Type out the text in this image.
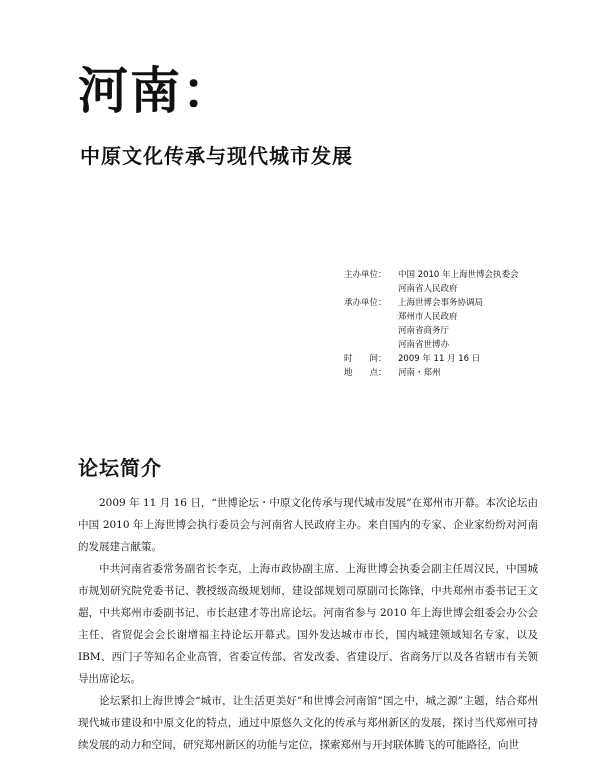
河南：
中原文化传承与现代城市发展
主办单位：	中国 2010 年上海世博会执委会
河南省人民政府
承办单位：	上海世博会事务协调局
郑州市人民政府
河南省商务厅
河南省世博办
时　　间：	2009 年 11 月 16 日
地　　点：	河南・郑州
论坛简介

2009 年 11 月 16 日，“世博论坛・中原文化传承与现代城市发展”在郑州市开幕。本次论坛由中国 2010 年上海世博会执行委员会与河南省人民政府主办。来自国内的专家、企业家纷纷对河南的发展建言献策。

中共河南省委常务副省长李克，上海市政协副主席、上海世博会执委会副主任周汉民，中国城市规划研究院党委书记、教授级高级规划师，建设部规划司原副司长陈锋，中共郑州市委书记王文超，中共郑州市委副书记、市长赵建才等出席论坛。河南省参与 2010 年上海世博会组委会办公会主任、省贸促会会长谢增福主持论坛开幕式。国外发达城市市长，国内城建领域知名专家，以及 IBM、西门子等知名企业高管，省委宣传部、省发改委、省建设厅、省商务厅以及各省辖市有关领导出席论坛。

论坛紧扣上海世博会“城市，让生活更美好”和世博会河南馆“国之中，城之源”主题，结合郑州现代城市建设和中原文化的特点，通过中原悠久文化的传承与郑州新区的发展，探讨当代郑州可持续发展的动力和空间，研究郑州新区的功能与定位，探索郑州与开封联体腾飞的可能路径，向世
